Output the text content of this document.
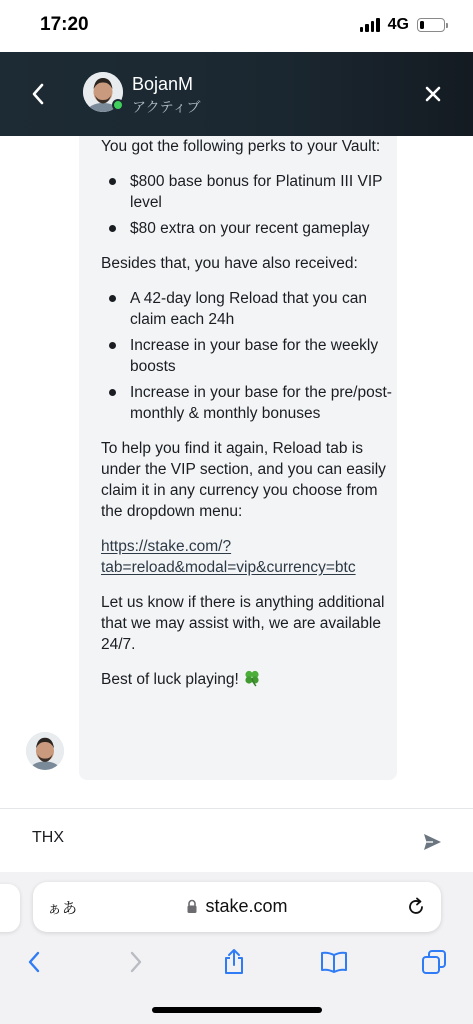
17:20	4G
BojanM
アクティブ

You got the following perks to your Vault:

$800 base bonus for Platinum III VIP level
$80 extra on your recent gameplay

Besides that, you have also received:

A 42-day long Reload that you can claim each 24h
Increase in your base for the weekly boosts
Increase in your base for the pre/post-monthly & monthly bonuses

To help you find it again, Reload tab is under the VIP section, and you can easily claim it in any currency you choose from the dropdown menu:

https://stake.com/?tab=reload&modal=vip&currency=btc

Let us know if there is anything additional that we may assist with, we are available 24/7.

Best of luck playing!

THX
ぁあ	stake.com
